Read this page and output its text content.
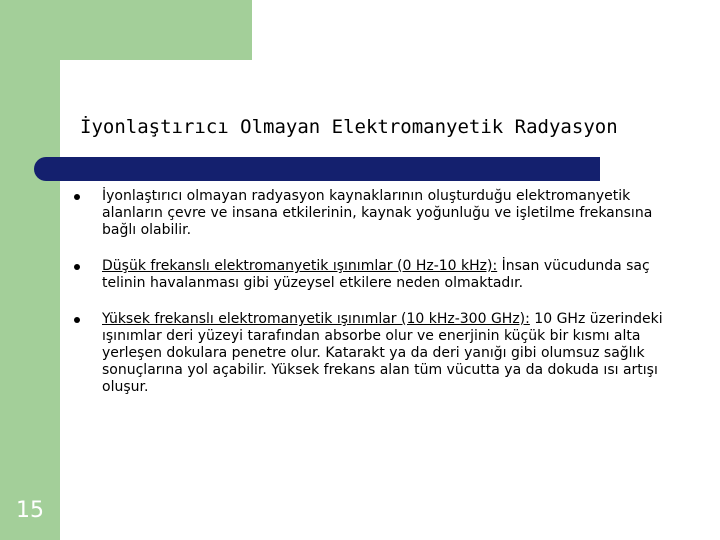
İyonlaştırıcı Olmayan Elektromanyetik Radyasyon
İyonlaştırıcı olmayan radyasyon kaynaklarının oluşturduğu elektromanyetik alanların çevre ve insana etkilerinin, kaynak yoğunluğu ve işletilme frekansına bağlı olabilir.
Düşük frekanslı elektromanyetik ışınımlar (0 Hz-10 kHz): İnsan vücudunda saç telinin havalanması gibi yüzeysel etkilere neden olmaktadır.
Yüksek frekanslı elektromanyetik ışınımlar (10 kHz-300 GHz): 10 GHz üzerindeki ışınımlar deri yüzeyi tarafından absorbe olur ve enerjinin küçük bir kısmı alta yerleşen dokulara penetre olur. Katarakt ya da deri yanığı gibi olumsuz sağlık sonuçlarına yol açabilir. Yüksek frekans alan tüm vücutta ya da dokuda ısı artışı oluşur.
15
